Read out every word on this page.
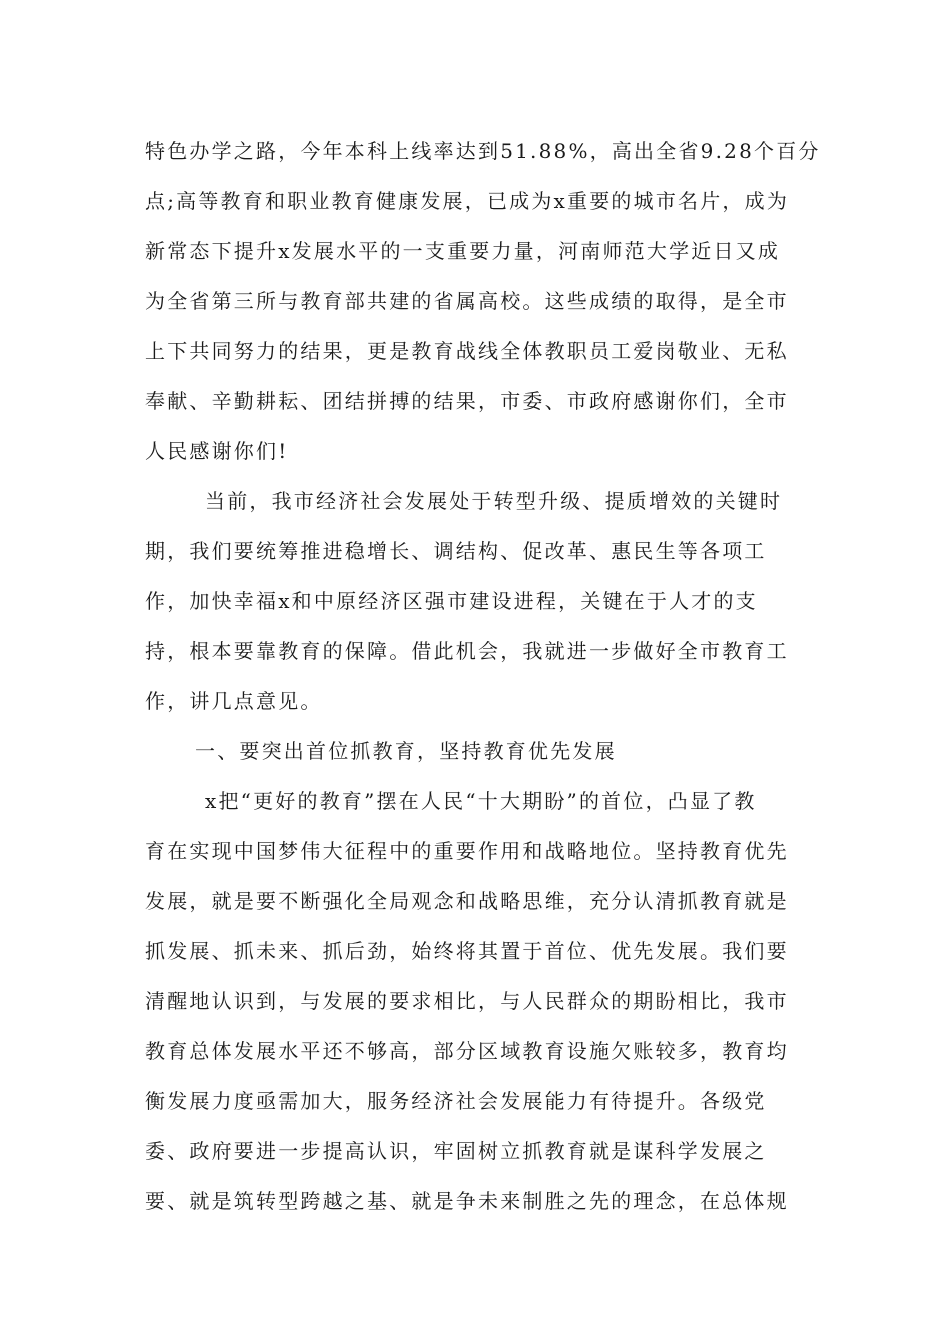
特色办学之路，今年本科上线率达到51.88%，高出全省9.28个百分
点;高等教育和职业教育健康发展，已成为x重要的城市名片，成为
新常态下提升x发展水平的一支重要力量，河南师范大学近日又成
为全省第三所与教育部共建的省属高校。这些成绩的取得，是全市
上下共同努力的结果，更是教育战线全体教职员工爱岗敬业、无私
奉献、辛勤耕耘、团结拼搏的结果，市委、市政府感谢你们，全市
人民感谢你们!

当前，我市经济社会发展处于转型升级、提质增效的关键时
期，我们要统筹推进稳增长、调结构、促改革、惠民生等各项工
作，加快幸福x和中原经济区强市建设进程，关键在于人才的支
持，根本要靠教育的保障。借此机会，我就进一步做好全市教育工
作，讲几点意见。

一、要突出首位抓教育，坚持教育优先发展

x把“更好的教育”摆在人民“十大期盼”的首位，凸显了教
育在实现中国梦伟大征程中的重要作用和战略地位。坚持教育优先
发展，就是要不断强化全局观念和战略思维，充分认清抓教育就是
抓发展、抓未来、抓后劲，始终将其置于首位、优先发展。我们要
清醒地认识到，与发展的要求相比，与人民群众的期盼相比，我市
教育总体发展水平还不够高，部分区域教育设施欠账较多，教育均
衡发展力度亟需加大，服务经济社会发展能力有待提升。各级党
委、政府要进一步提高认识，牢固树立抓教育就是谋科学发展之
要、就是筑转型跨越之基、就是争未来制胜之先的理念，在总体规
